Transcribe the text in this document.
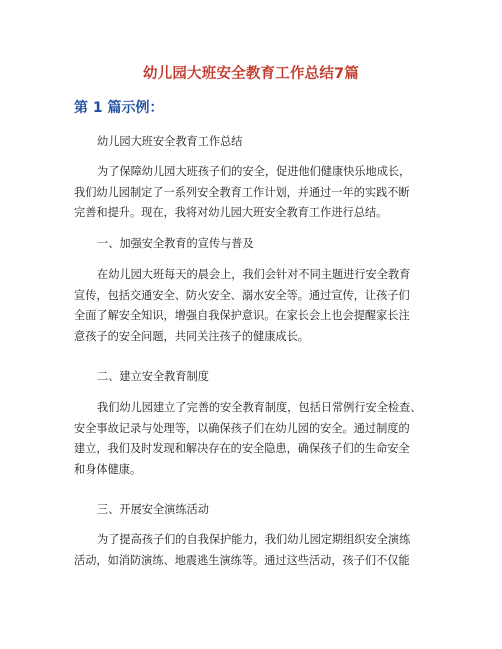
幼儿园大班安全教育工作总结7篇
第 1 篇示例：

幼儿园大班安全教育工作总结

为了保障幼儿园大班孩子们的安全，促进他们健康快乐地成长，
我们幼儿园制定了一系列安全教育工作计划，并通过一年的实践不断
完善和提升。现在，我将对幼儿园大班安全教育工作进行总结。

一、加强安全教育的宣传与普及

在幼儿园大班每天的晨会上，我们会针对不同主题进行安全教育
宣传，包括交通安全、防火安全、溺水安全等。通过宣传，让孩子们
全面了解安全知识，增强自我保护意识。在家长会上也会提醒家长注
意孩子的安全问题，共同关注孩子的健康成长。

二、建立安全教育制度

我们幼儿园建立了完善的安全教育制度，包括日常例行安全检查、
安全事故记录与处理等，以确保孩子们在幼儿园的安全。通过制度的
建立，我们及时发现和解决存在的安全隐患，确保孩子们的生命安全
和身体健康。

三、开展安全演练活动

为了提高孩子们的自我保护能力，我们幼儿园定期组织安全演练
活动，如消防演练、地震逃生演练等。通过这些活动，孩子们不仅能
